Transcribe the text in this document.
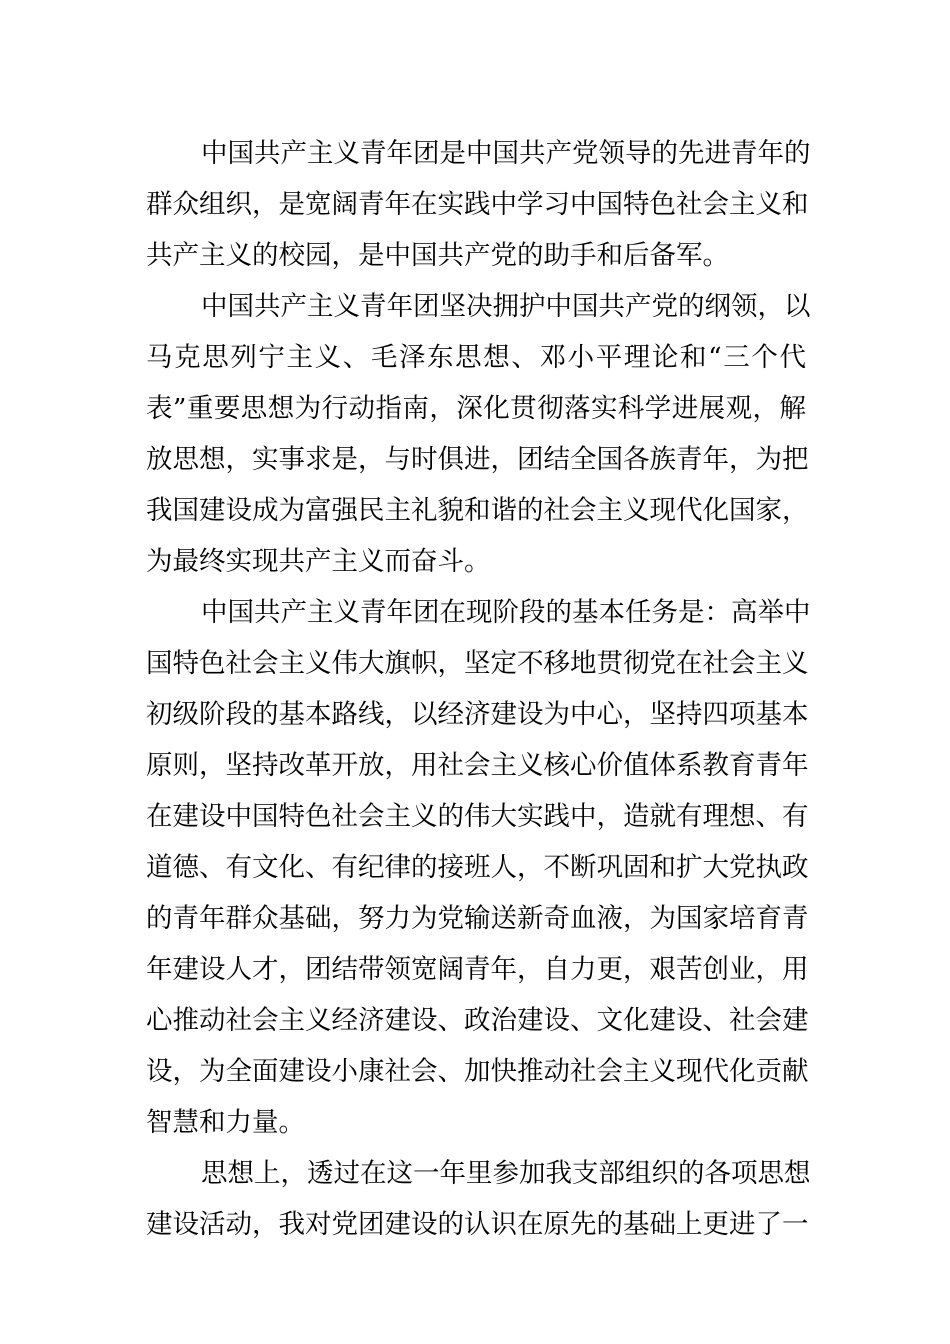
中国共产主义青年团是中国共产党领导的先进青年的
群众组织，是宽阔青年在实践中学习中国特色社会主义和
共产主义的校园，是中国共产党的助手和后备军。
中国共产主义青年团坚决拥护中国共产党的纲领，以
马克思列宁主义、毛泽东思想、邓小平理论和“三个代
表”重要思想为行动指南，深化贯彻落实科学进展观，解
放思想，实事求是，与时俱进，团结全国各族青年，为把
我国建设成为富强民主礼貌和谐的社会主义现代化国家，
为最终实现共产主义而奋斗。
中国共产主义青年团在现阶段的基本任务是：高举中
国特色社会主义伟大旗帜，坚定不移地贯彻党在社会主义
初级阶段的基本路线，以经济建设为中心，坚持四项基本
原则，坚持改革开放，用社会主义核心价值体系教育青年
在建设中国特色社会主义的伟大实践中，造就有理想、有
道德、有文化、有纪律的接班人，不断巩固和扩大党执政
的青年群众基础，努力为党输送新奇血液，为国家培育青
年建设人才，团结带领宽阔青年，自力更，艰苦创业，用
心推动社会主义经济建设、政治建设、文化建设、社会建
设，为全面建设小康社会、加快推动社会主义现代化贡献
智慧和力量。
思想上，透过在这一年里参加我支部组织的各项思想
建设活动，我对党团建设的认识在原先的基础上更进了一
